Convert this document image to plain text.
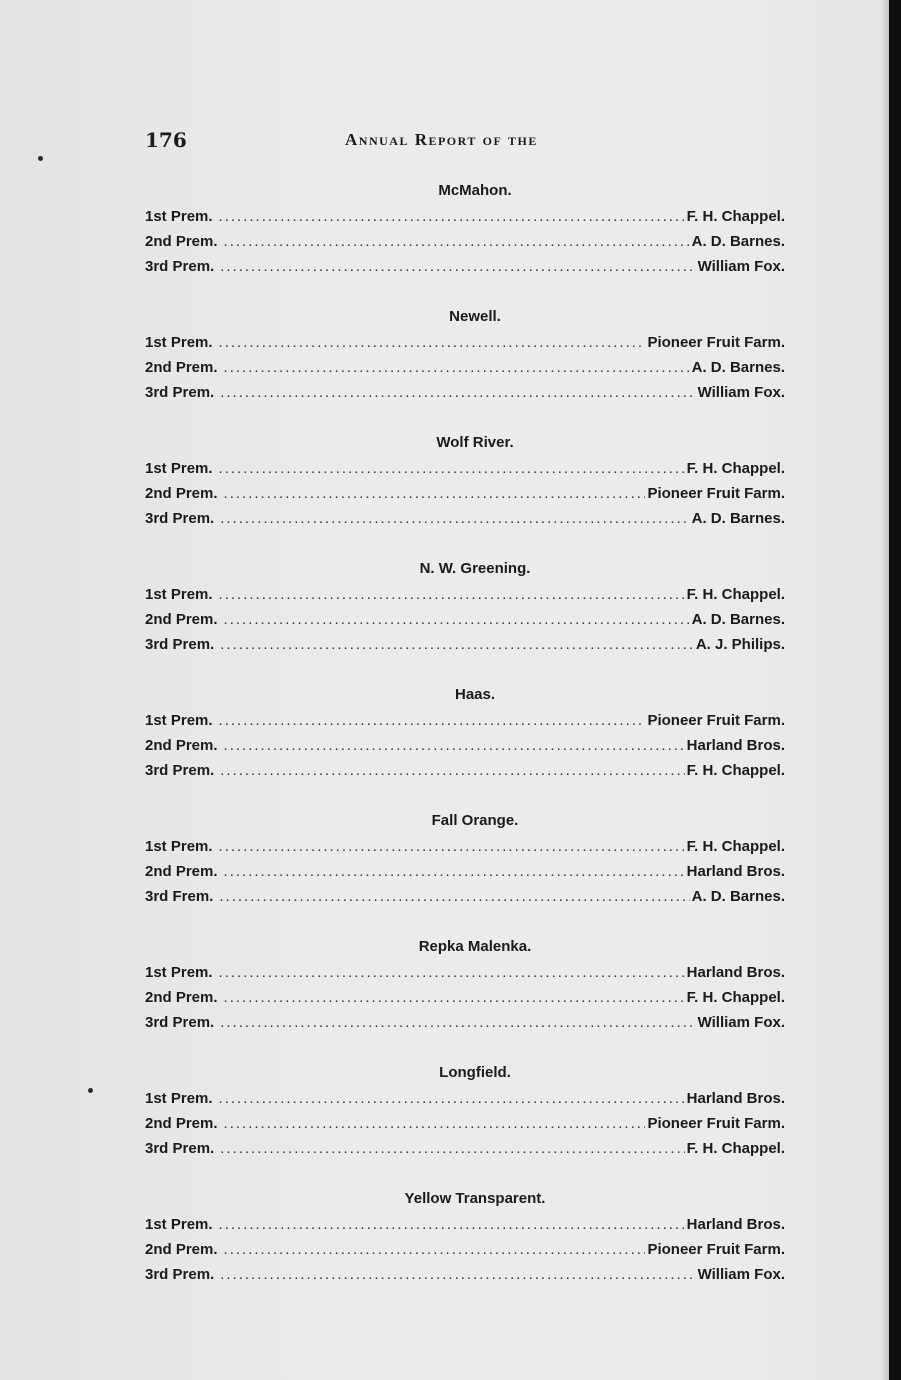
176	Annual Report of the
McMahon.
1st Prem. .....	F. H. Chappel.
2nd Prem. .....	A. D. Barnes.
3rd Prem. .....	William Fox.
Newell.
1st Prem. .....	Pioneer Fruit Farm.
2nd Prem. .....	A. D. Barnes.
3rd Prem. .....	William Fox.
Wolf River.
1st Prem. .....	F. H. Chappel.
2nd Prem. .....	Pioneer Fruit Farm.
3rd Prem. .....	A. D. Barnes.
N. W. Greening.
1st Prem. .....	F. H. Chappel.
2nd Prem. .....	A. D. Barnes.
3rd Prem. .....	A. J. Philips.
Haas.
1st Prem. .....	Pioneer Fruit Farm.
2nd Prem. .....	Harland Bros.
3rd Prem. .....	F. H. Chappel.
Fall Orange.
1st Prem. .....	F. H. Chappel.
2nd Prem. .....	Harland Bros.
3rd Frem. .....	A. D. Barnes.
Repka Malenka.
1st Prem. .....	Harland Bros.
2nd Prem. .....	F. H. Chappel.
3rd Prem. .....	William Fox.
Longfield.
1st Prem. .....	Harland Bros.
2nd Prem. .....	Pioneer Fruit Farm.
3rd Prem. .....	F. H. Chappel.
Yellow Transparent.
1st Prem. .....	Harland Bros.
2nd Prem. .....	Pioneer Fruit Farm.
3rd Prem. .....	William Fox.
